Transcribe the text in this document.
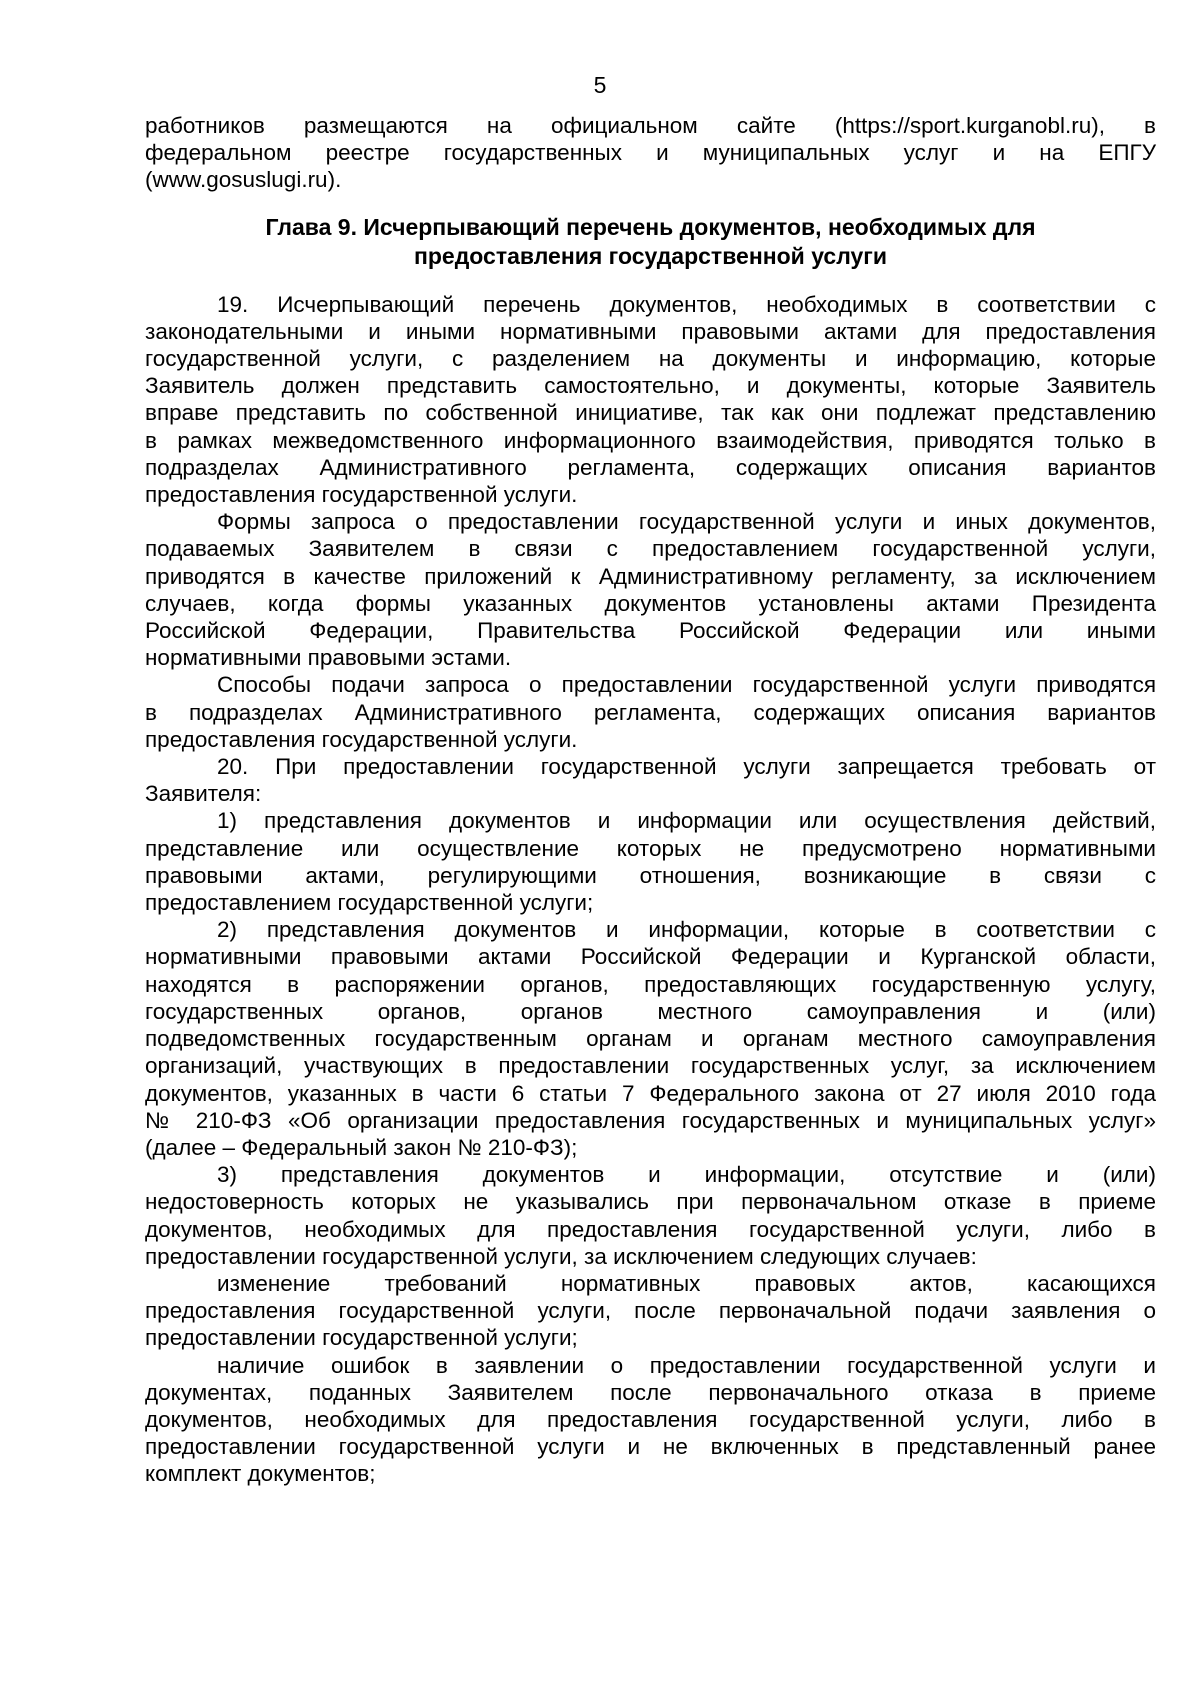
5

работников размещаются на официальном сайте (https://sport.kurganobl.ru), в

федеральном реестре государственных и муниципальных услуг и на ЕПГУ

(www.gosuslugi.ru).

Глава 9. Исчерпывающий перечень документов, необходимых для
предоставления государственной услуги

19. Исчерпывающий перечень документов, необходимых в соответствии с

законодательными и иными нормативными правовыми актами для предоставления

государственной услуги, с разделением на документы и информацию, которые

Заявитель должен представить самостоятельно, и документы, которые Заявитель

вправе представить по собственной инициативе, так как они подлежат представлению

в рамках межведомственного информационного взаимодействия, приводятся только в

подразделах Административного регламента, содержащих описания вариантов

предоставления государственной услуги.

Формы запроса о предоставлении государственной услуги и иных документов,

подаваемых Заявителем в связи с предоставлением государственной услуги,

приводятся в качестве приложений к Административному регламенту, за исключением

случаев, когда формы указанных документов установлены актами Президента

Российской Федерации, Правительства Российской Федерации или иными

нормативными правовыми эстами.

Способы подачи запроса о предоставлении государственной услуги приводятся

в подразделах Административного регламента, содержащих описания вариантов

предоставления государственной услуги.

20. При предоставлении государственной услуги запрещается требовать от

Заявителя:

1) представления документов и информации или осуществления действий,

представление или осуществление которых не предусмотрено нормативными

правовыми актами, регулирующими отношения, возникающие в связи с

предоставлением государственной услуги;

2) представления документов и информации, которые в соответствии с

нормативными правовыми актами Российской Федерации и Курганской области,

находятся в распоряжении органов, предоставляющих государственную услугу,

государственных органов, органов местного самоуправления и (или)

подведомственных государственным органам и органам местного самоуправления

организаций, участвующих в предоставлении государственных услуг, за исключением

документов, указанных в части 6 статьи 7 Федерального закона от 27 июля 2010 года

№ 210-ФЗ «Об организации предоставления государственных и муниципальных услуг»

(далее – Федеральный закон № 210-ФЗ);

3) представления документов и информации, отсутствие и (или)

недостоверность которых не указывались при первоначальном отказе в приеме

документов, необходимых для предоставления государственной услуги, либо в

предоставлении государственной услуги, за исключением следующих случаев:

изменение требований нормативных правовых актов, касающихся

предоставления государственной услуги, после первоначальной подачи заявления о

предоставлении государственной услуги;

наличие ошибок в заявлении о предоставлении государственной услуги и

документах, поданных Заявителем после первоначального отказа в приеме

документов, необходимых для предоставления государственной услуги, либо в

предоставлении государственной услуги и не включенных в представленный ранее

комплект документов;
